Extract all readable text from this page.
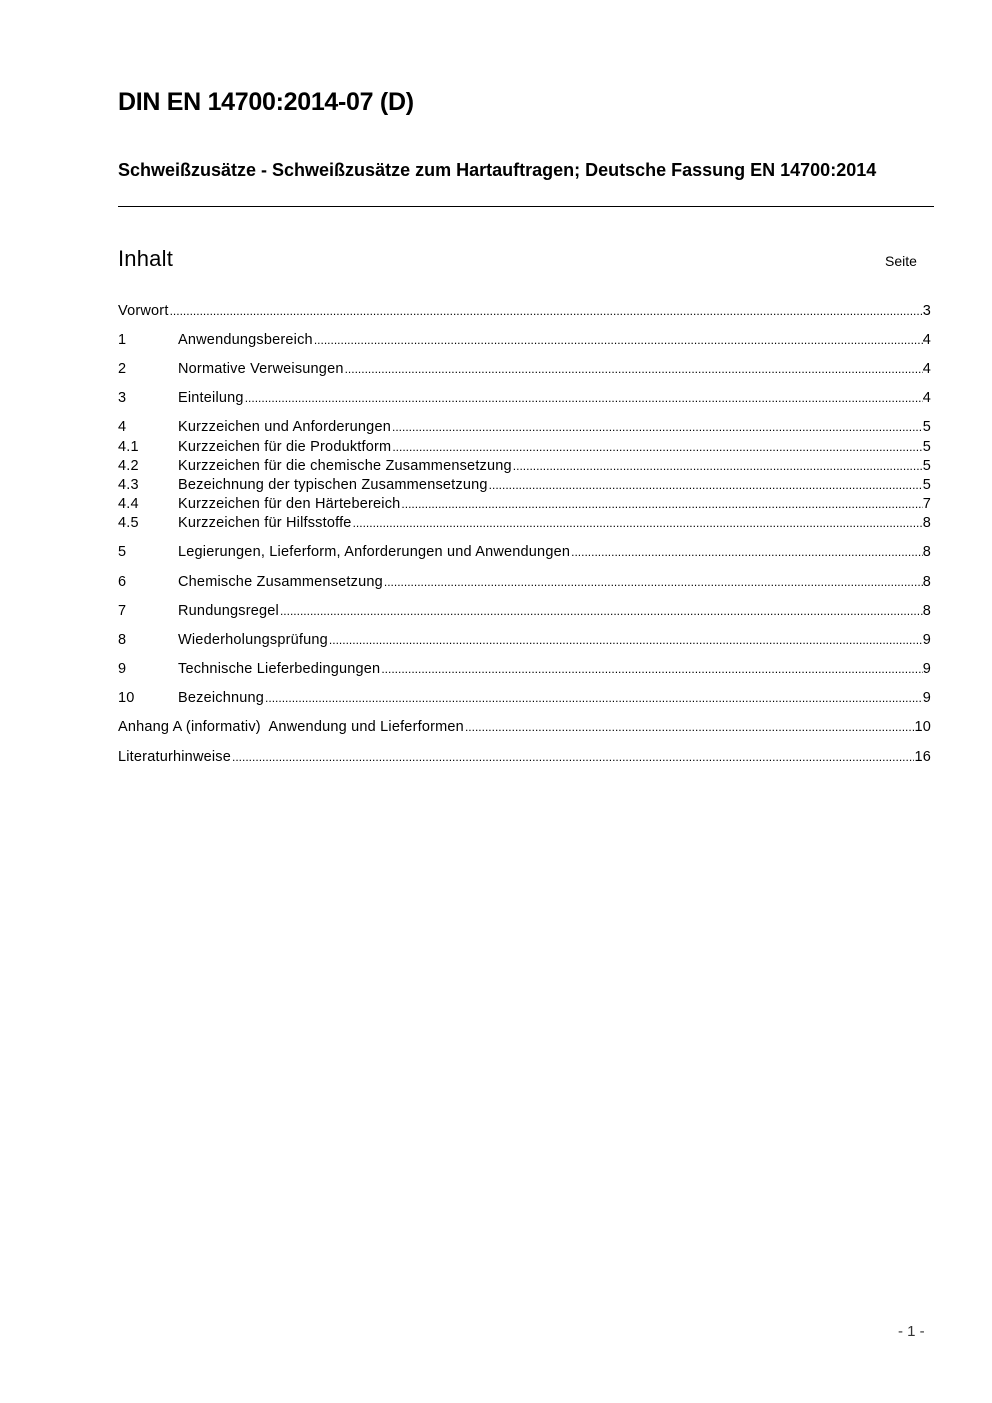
DIN EN 14700:2014-07 (D)
Schweißzusätze - Schweißzusätze zum Hartauftragen; Deutsche Fassung EN 14700:2014
Inhalt	Seite
Vorwort .....	3
1	Anwendungsbereich .....	4
2	Normative Verweisungen .....	4
3	Einteilung .....	4
4	Kurzzeichen und Anforderungen .....	5
4.1	Kurzzeichen für die Produktform .....	5
4.2	Kurzzeichen für die chemische Zusammensetzung .....	5
4.3	Bezeichnung der typischen Zusammensetzung .....	5
4.4	Kurzzeichen für den Härtebereich .....	7
4.5	Kurzzeichen für Hilfsstoffe .....	8
5	Legierungen, Lieferform, Anforderungen und Anwendungen .....	8
6	Chemische Zusammensetzung .....	8
7	Rundungsregel .....	8
8	Wiederholungsprüfung .....	9
9	Technische Lieferbedingungen .....	9
10	Bezeichnung .....	9
Anhang A (informativ)  Anwendung und Lieferformen .....	10
Literaturhinweise .....	16
- 1 -
